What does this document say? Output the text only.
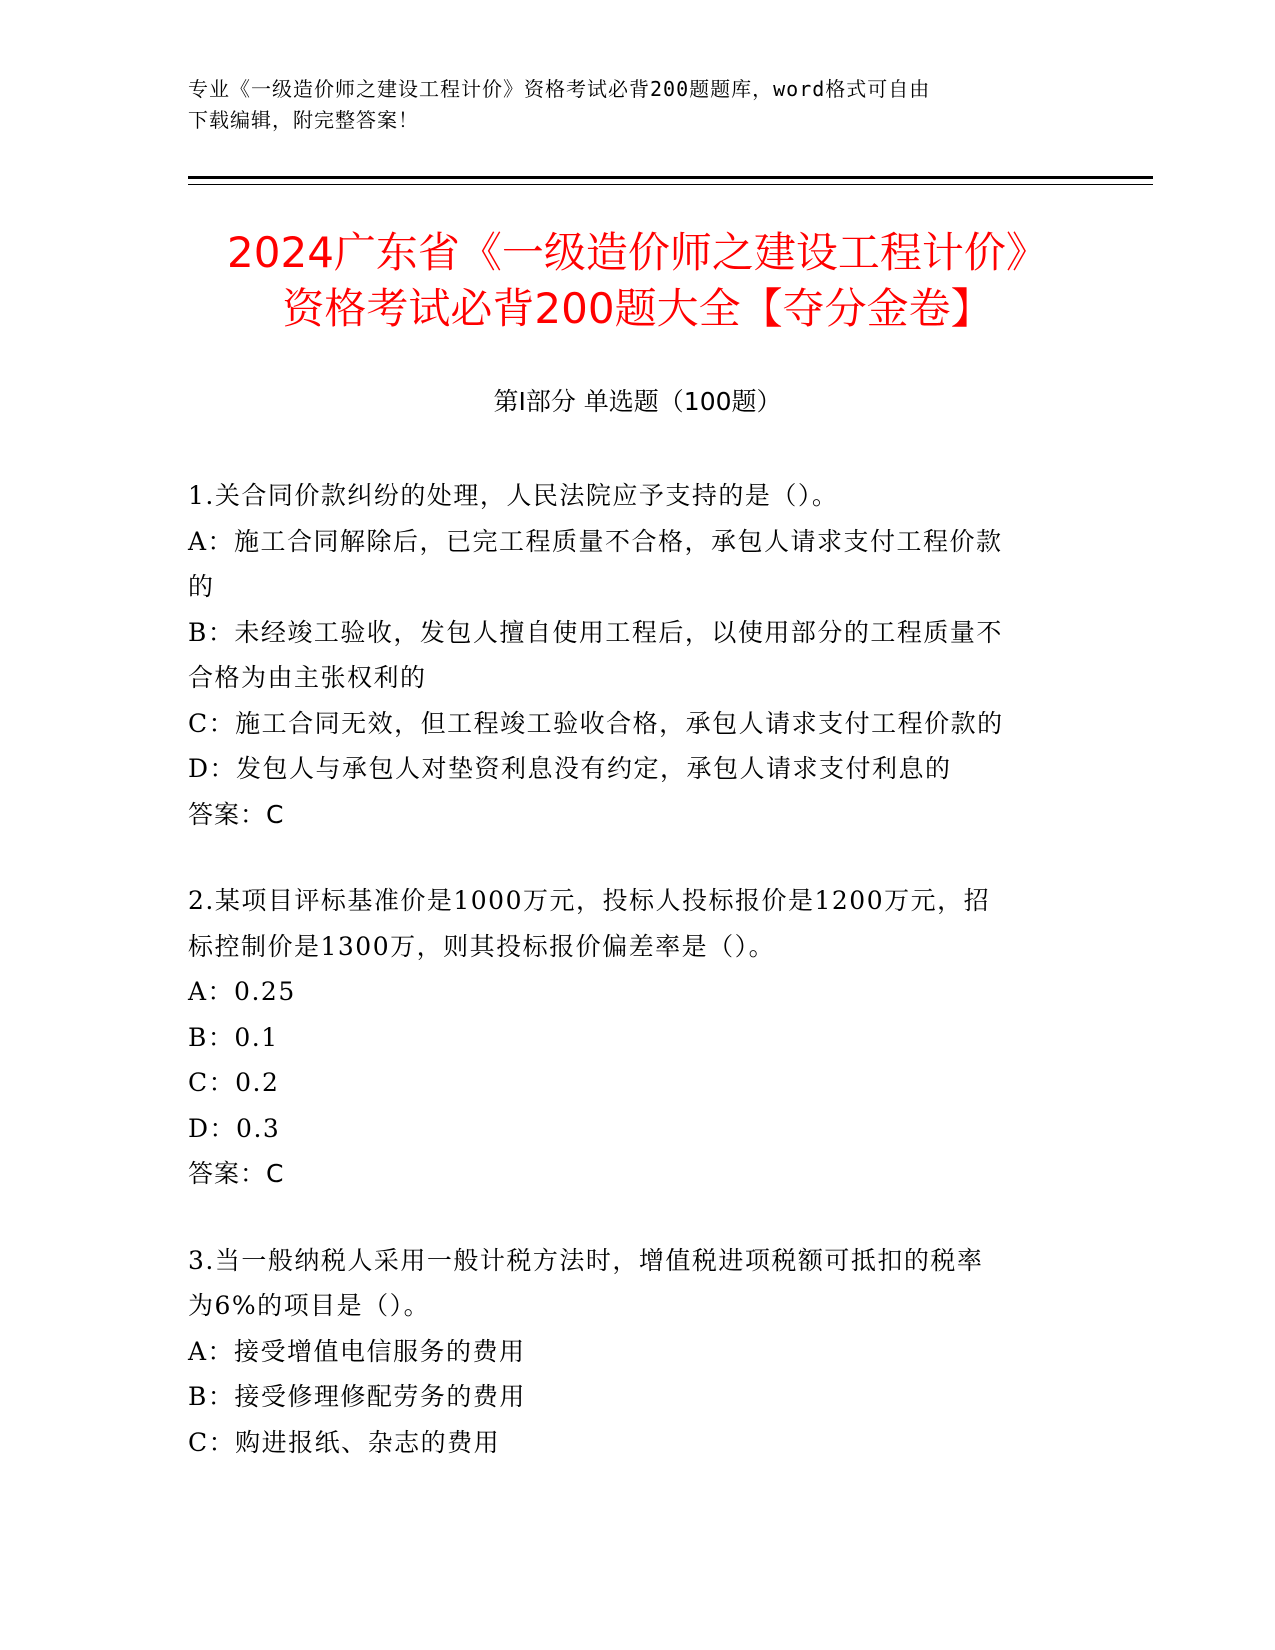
专业《一级造价师之建设工程计价》资格考试必背200题题库，word格式可自由
下载编辑，附完整答案！
2024广东省《一级造价师之建设工程计价》
资格考试必背200题大全【夺分金卷】
第Ⅰ部分 单选题（100题）
1.关合同价款纠纷的处理，人民法院应予支持的是（）。
A：施工合同解除后，已完工程质量不合格，承包人请求支付工程价款
的
B：未经竣工验收，发包人擅自使用工程后，以使用部分的工程质量不
合格为由主张权利的
C：施工合同无效，但工程竣工验收合格，承包人请求支付工程价款的
D：发包人与承包人对垫资利息没有约定，承包人请求支付利息的
答案：C
2.某项目评标基准价是1000万元，投标人投标报价是1200万元，招
标控制价是1300万，则其投标报价偏差率是（）。
A：0.25
B：0.1
C：0.2
D：0.3
答案：C
3.当一般纳税人采用一般计税方法时，增值税进项税额可抵扣的税率
为6%的项目是（）。
A：接受增值电信服务的费用
B：接受修理修配劳务的费用
C：购进报纸、杂志的费用
